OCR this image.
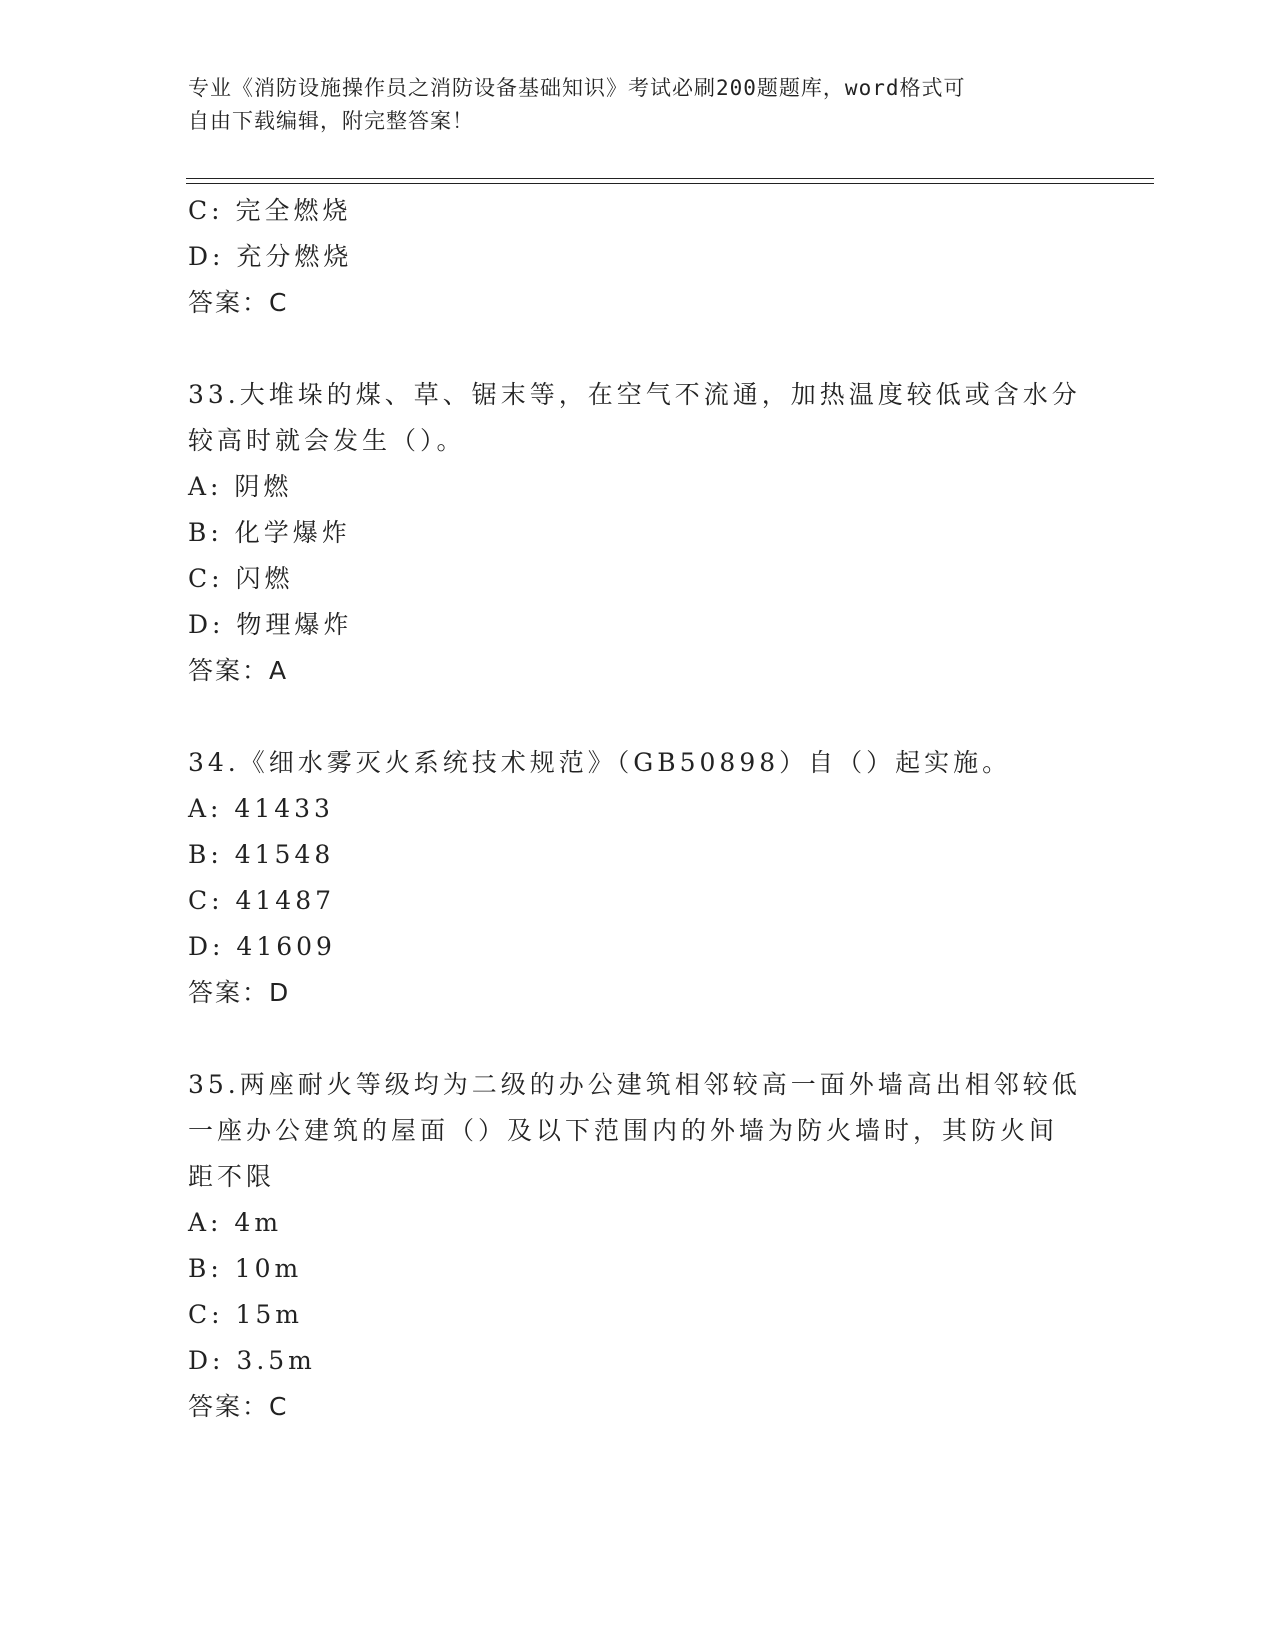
专业《消防设施操作员之消防设备基础知识》考试必刷200题题库，word格式可
自由下载编辑，附完整答案！
C: 完全燃烧
D: 充分燃烧
答案：C
33.大堆垛的煤、草、锯末等，在空气不流通，加热温度较低或含水分
较高时就会发生（）。
A: 阴燃
B: 化学爆炸
C: 闪燃
D: 物理爆炸
答案：A
34.《细水雾灭火系统技术规范》（GB50898）自（）起实施。
A: 41433
B: 41548
C: 41487
D: 41609
答案：D
35.两座耐火等级均为二级的办公建筑相邻较高一面外墙高出相邻较低
一座办公建筑的屋面（）及以下范围内的外墙为防火墙时，其防火间
距不限
A: 4m
B: 10m
C: 15m
D: 3.5m
答案：C
